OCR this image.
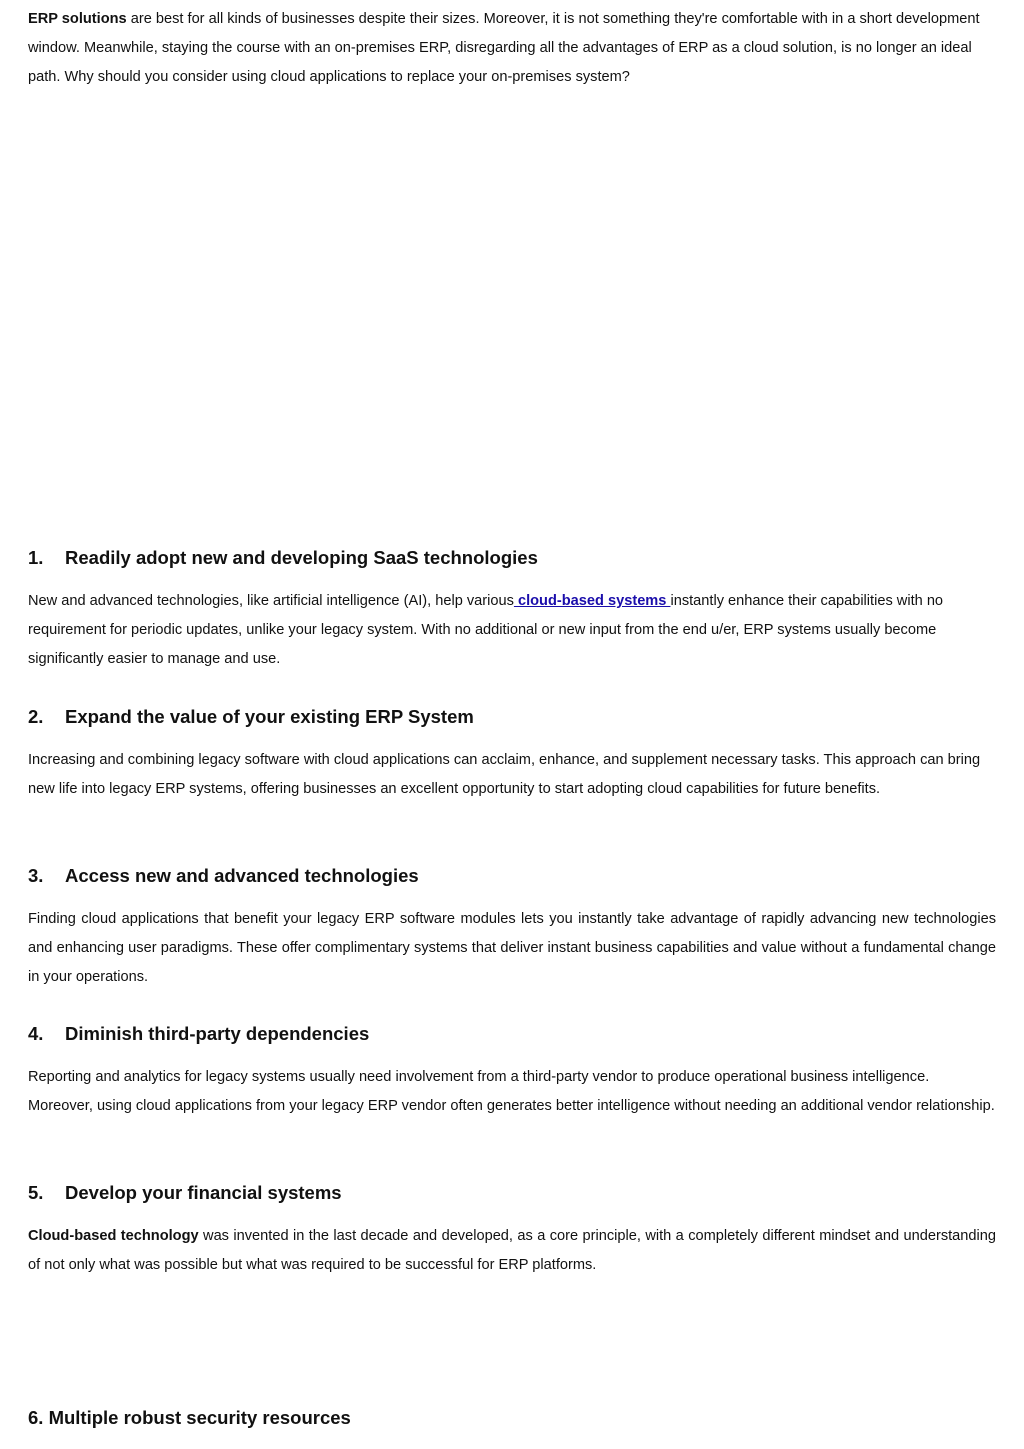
ERP solutions are best for all kinds of businesses despite their sizes. Moreover, it is not something they're comfortable with in a short development window. Meanwhile, staying the course with an on-premises ERP, disregarding all the advantages of ERP as a cloud solution, is no longer an ideal path. Why should you consider using cloud applications to replace your on-premises system?

1. Readily adopt new and developing SaaS technologies

New and advanced technologies, like artificial intelligence (AI), help various cloud-based systems instantly enhance their capabilities with no requirement for periodic updates, unlike your legacy system. With no additional or new input from the end u/er, ERP systems usually become significantly easier to manage and use.

2. Expand the value of your existing ERP System

Increasing and combining legacy software with cloud applications can acclaim, enhance, and supplement necessary tasks. This approach can bring new life into legacy ERP systems, offering businesses an excellent opportunity to start adopting cloud capabilities for future benefits.

3. Access new and advanced technologies

Finding cloud applications that benefit your legacy ERP software modules lets you instantly take advantage of rapidly advancing new technologies and enhancing user paradigms. These offer complimentary systems that deliver instant business capabilities and value without a fundamental change in your operations.

4. Diminish third-party dependencies

Reporting and analytics for legacy systems usually need involvement from a third-party vendor to produce operational business intelligence. Moreover, using cloud applications from your legacy ERP vendor often generates better intelligence without needing an additional vendor relationship.

5. Develop your financial systems

Cloud-based technology was invented in the last decade and developed, as a core principle, with a completely different mindset and understanding of not only what was possible but what was required to be successful for ERP platforms.

6. Multiple robust security resources
